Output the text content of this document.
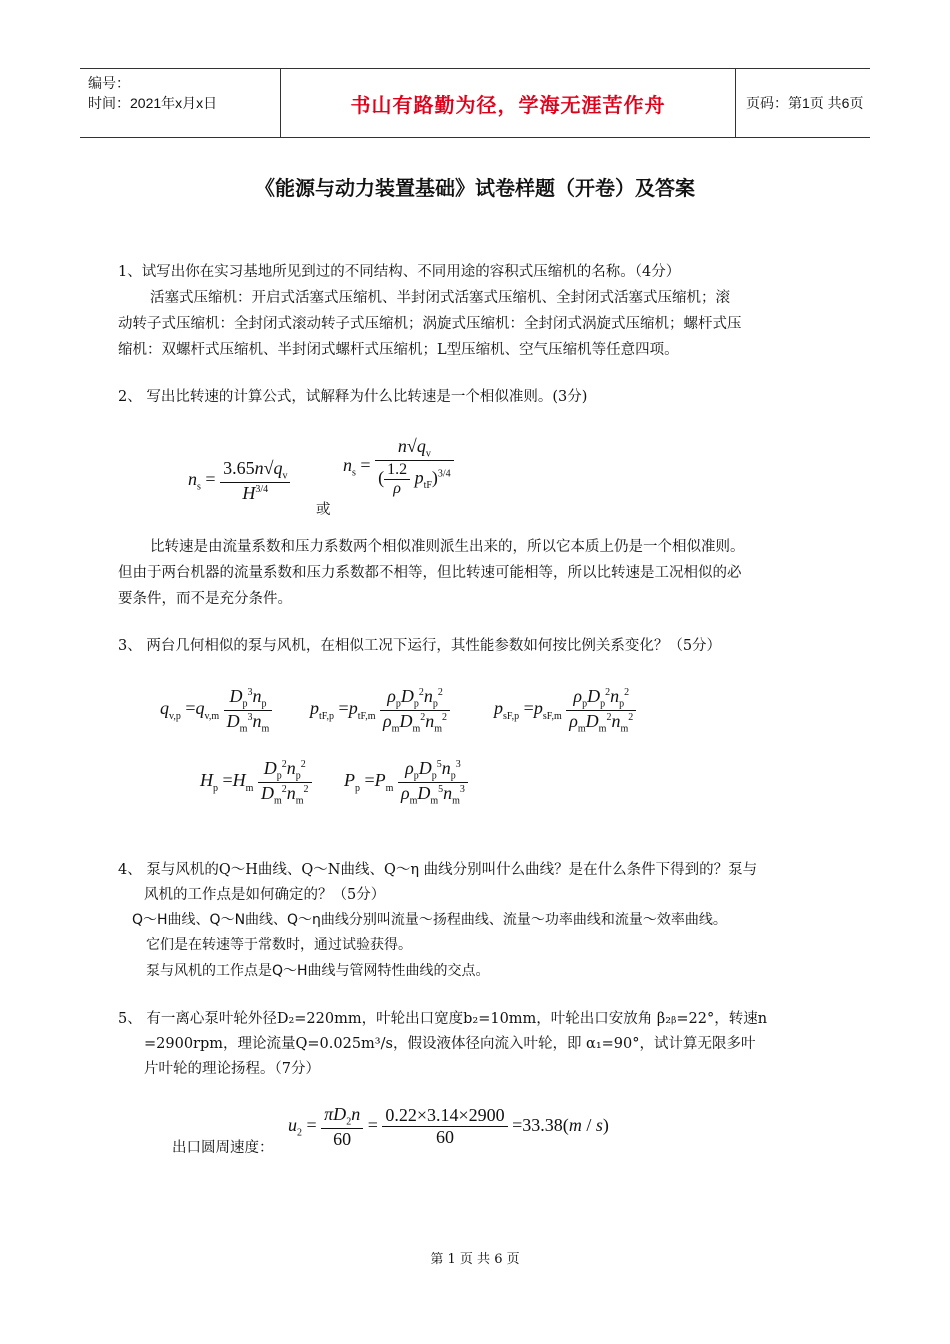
编号：
时间：2021年x月x日	书山有路勤为径，学海无涯苦作舟	页码：第1页 共6页
《能源与动力装置基础》试卷样题（开卷）及答案
1、试写出你在实习基地所见到过的不同结构、不同用途的容积式压缩机的名称。（4分）
活塞式压缩机：开启式活塞式压缩机、半封闭式活塞式压缩机、全封闭式活塞式压缩机；滚
动转子式压缩机：全封闭式滚动转子式压缩机；涡旋式压缩机：全封闭式涡旋式压缩机；螺杆式压
缩机：双螺杆式压缩机、半封闭式螺杆式压缩机；L型压缩机、空气压缩机等任意四项。
2、 写出比转速的计算公式，试解释为什么比转速是一个相似准则。(3分)
$n_s = \frac{3.65n√q_v}{H^{3/4}}$
或
$n_s = \frac{n√q_v}{( \frac{1.2}{\rho} p_{tF})^{3/4}}$
比转速是由流量系数和压力系数两个相似准则派生出来的，所以它本质上仍是一个相似准则。
但由于两台机器的流量系数和压力系数都不相等，但比转速可能相等，所以比转速是工况相似的必
要条件，而不是充分条件。
3、 两台几何相似的泵与风机，在相似工况下运行，其性能参数如何按比例关系变化？（5分）
$q_{v,p} =q_{v,m} \frac{D_p^3n_p}{D_m^3n_m} p_{tF,p} =p_{tF,m} \frac{\rho_pD_p^2n_p^2}{\rho_mD_m^2n_m^2} p_{sF,p} =p_{sF,m} \frac{\rho_pD_p^2n_p^2}{\rho_mD_m^2n_m^2}$
$H_p =H_m \frac{D_p^2n_p^2}{D_m^2n_m^2} P_p =P_m \frac{\rho_pD_p^5n_p^3}{\rho_mD_m^5n_m^3}$
4、 泵与风机的Q～H曲线、Q～N曲线、Q～η 曲线分别叫什么曲线？是在什么条件下得到的？泵与
风机的工作点是如何确定的？（5分）
Q～H曲线、Q～N曲线、Q～η曲线分别叫流量～扬程曲线、流量～功率曲线和流量～效率曲线。
它们是在转速等于常数时，通过试验获得。
泵与风机的工作点是Q～H曲线与管网特性曲线的交点。
5、 有一离心泵叶轮外径D₂=220mm，叶轮出口宽度b₂=10mm，叶轮出口安放角 β₂ᵦ=22°，转速n
=2900rpm，理论流量Q=0.025m³/s，假设液体径向流入叶轮，即 α₁=90°，试计算无限多叶
片叶轮的理论扬程。（7分）
出口圆周速度：
$u_2 = \frac{\pi D_2n}{60} = \frac{0.22\times 3.14\times 2900}{60} =33.38(m / s)$
第 1 页 共 6 页
